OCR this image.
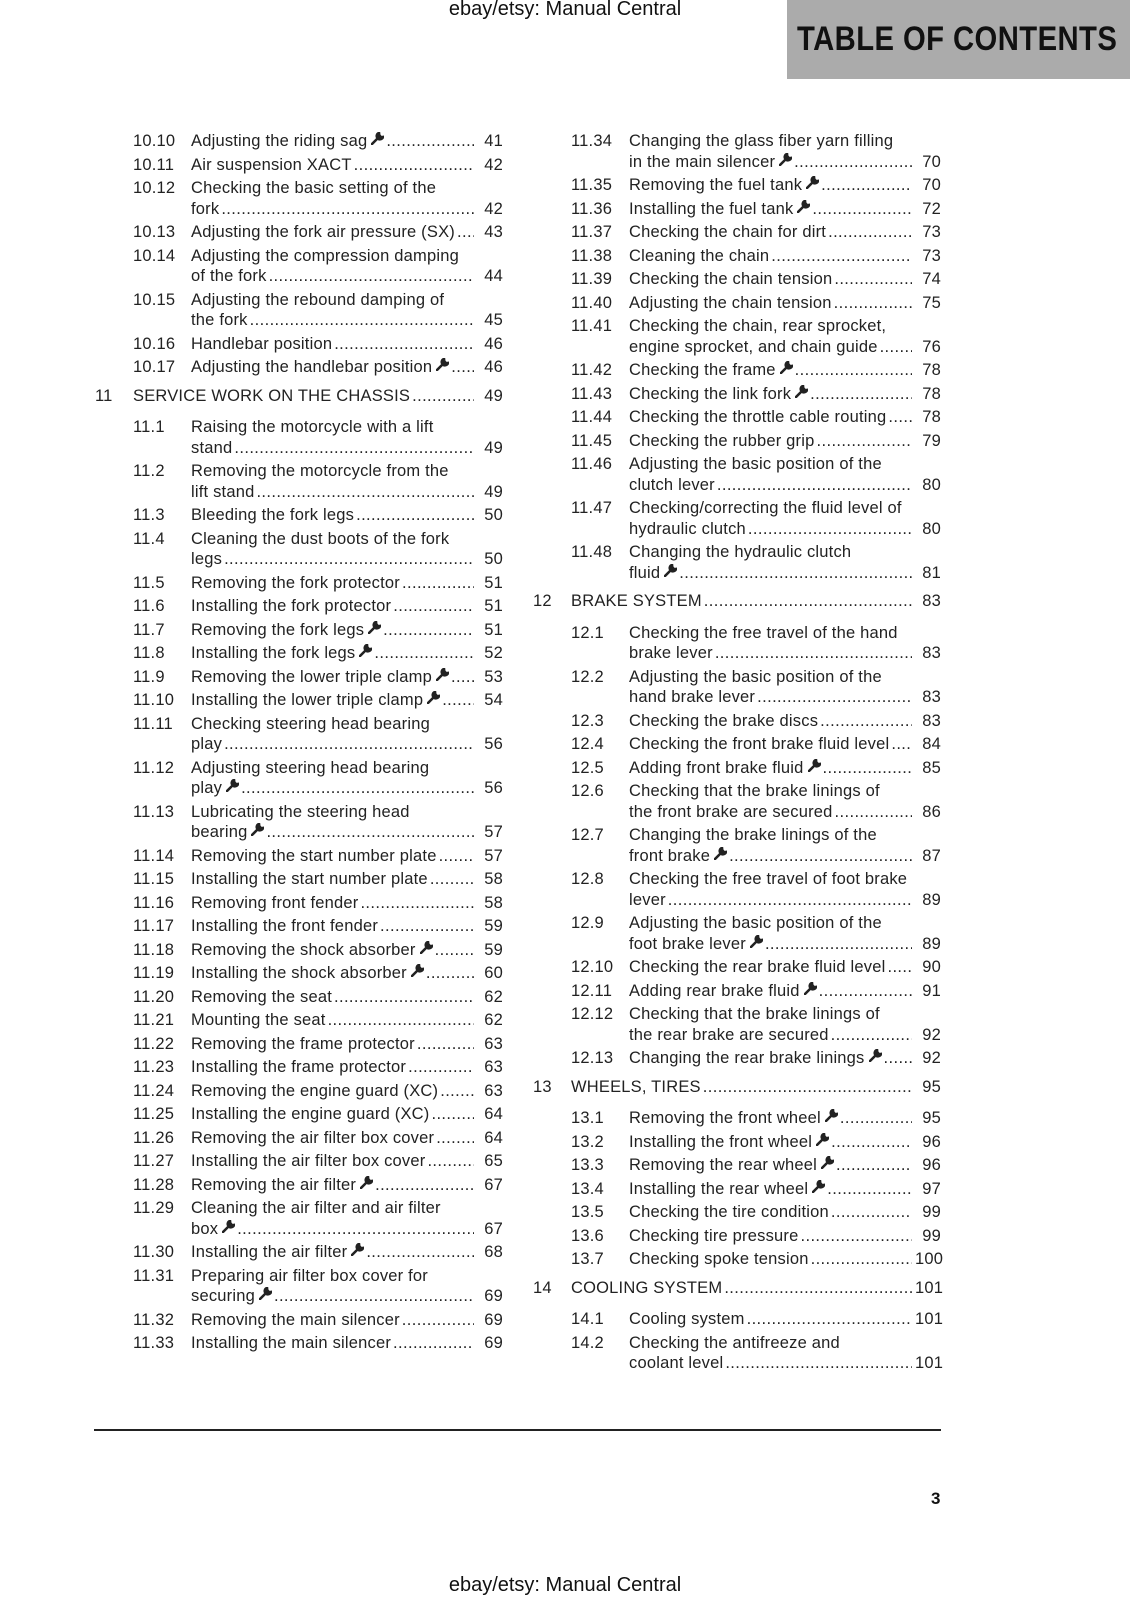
ebay/etsy: Manual Central
TABLE OF CONTENTS
10.10 Adjusting the riding sag .....	41
10.11	Air suspension XACT .....	42
10.12 Checking the basic setting of the
fork .....	42
10.13 Adjusting the fork air pressure (SX) .....	43
10.14 Adjusting the compression damping
of the fork .....	44
10.15 Adjusting the rebound damping of
the fork .....	45
10.16 Handlebar position .....	46
10.17 Adjusting the handlebar position .....	46
11	SERVICE WORK ON THE CHASSIS .....	49
11.1	Raising the motorcycle with a lift
stand .....	49
11.2	Removing the motorcycle from the
lift stand .....	49
11.3	Bleeding the fork legs .....	50
11.4	Cleaning the dust boots of the fork
legs .....	50
11.5	Removing the fork protector .....	51
11.6	Installing the fork protector .....	51
11.7	Removing the fork legs .....	51
11.8	Installing the fork legs .....	52
11.9	Removing the lower triple clamp .....	53
11.10	Installing the lower triple clamp .....	54
11.11	Checking steering head bearing
play .....	56
11.12	Adjusting steering head bearing
play .....	56
11.13	Lubricating the steering head
bearing .....	57
11.14	Removing the start number plate .....	57
11.15	Installing the start number plate .....	58
11.16	Removing front fender .....	58
11.17	Installing the front fender .....	59
11.18	Removing the shock absorber .....	59
11.19	Installing the shock absorber .....	60
11.20	Removing the seat .....	62
11.21	Mounting the seat .....	62
11.22	Removing the frame protector .....	63
11.23	Installing the frame protector .....	63
11.24	Removing the engine guard (XC) .....	63
11.25	Installing the engine guard (XC) .....	64
11.26	Removing the air filter box cover .....	64
11.27	Installing the air filter box cover .....	65
11.28	Removing the air filter .....	67
11.29	Cleaning the air filter and air filter
box .....	67
11.30	Installing the air filter .....	68
11.31	Preparing air filter box cover for
securing .....	69
11.32	Removing the main silencer .....	69
11.33	Installing the main silencer .....	69
11.34	Changing the glass fiber yarn filling
in the main silencer .....	70
11.35	Removing the fuel tank .....	70
11.36	Installing the fuel tank .....	72
11.37	Checking the chain for dirt .....	73
11.38	Cleaning the chain .....	73
11.39	Checking the chain tension .....	74
11.40	Adjusting the chain tension .....	75
11.41	Checking the chain, rear sprocket,
engine sprocket, and chain guide .....	76
11.42	Checking the frame .....	78
11.43	Checking the link fork .....	78
11.44	Checking the throttle cable routing .....	78
11.45	Checking the rubber grip .....	79
11.46	Adjusting the basic position of the
clutch lever .....	80
11.47	Checking/correcting the fluid level of
hydraulic clutch .....	80
11.48	Changing the hydraulic clutch
fluid .....	81
12	BRAKE SYSTEM .....	83
12.1	Checking the free travel of the hand
brake lever .....	83
12.2	Adjusting the basic position of the
hand brake lever .....	83
12.3	Checking the brake discs .....	83
12.4	Checking the front brake fluid level .....	84
12.5	Adding front brake fluid .....	85
12.6	Checking that the brake linings of
the front brake are secured .....	86
12.7	Changing the brake linings of the
front brake .....	87
12.8	Checking the free travel of foot brake
lever .....	89
12.9	Adjusting the basic position of the
foot brake lever .....	89
12.10 Checking the rear brake fluid level .....	90
12.11	Adding rear brake fluid .....	91
12.12 Checking that the brake linings of
the rear brake are secured .....	92
12.13 Changing the rear brake linings .....	92
13	WHEELS, TIRES .....	95
13.1	Removing the front wheel .....	95
13.2	Installing the front wheel .....	96
13.3	Removing the rear wheel .....	96
13.4	Installing the rear wheel .....	97
13.5	Checking the tire condition .....	99
13.6	Checking tire pressure .....	99
13.7	Checking spoke tension .....	100
14	COOLING SYSTEM .....	101
14.1	Cooling system .....	101
14.2	Checking the antifreeze and
coolant level .....	101
3
ebay/etsy: Manual Central
